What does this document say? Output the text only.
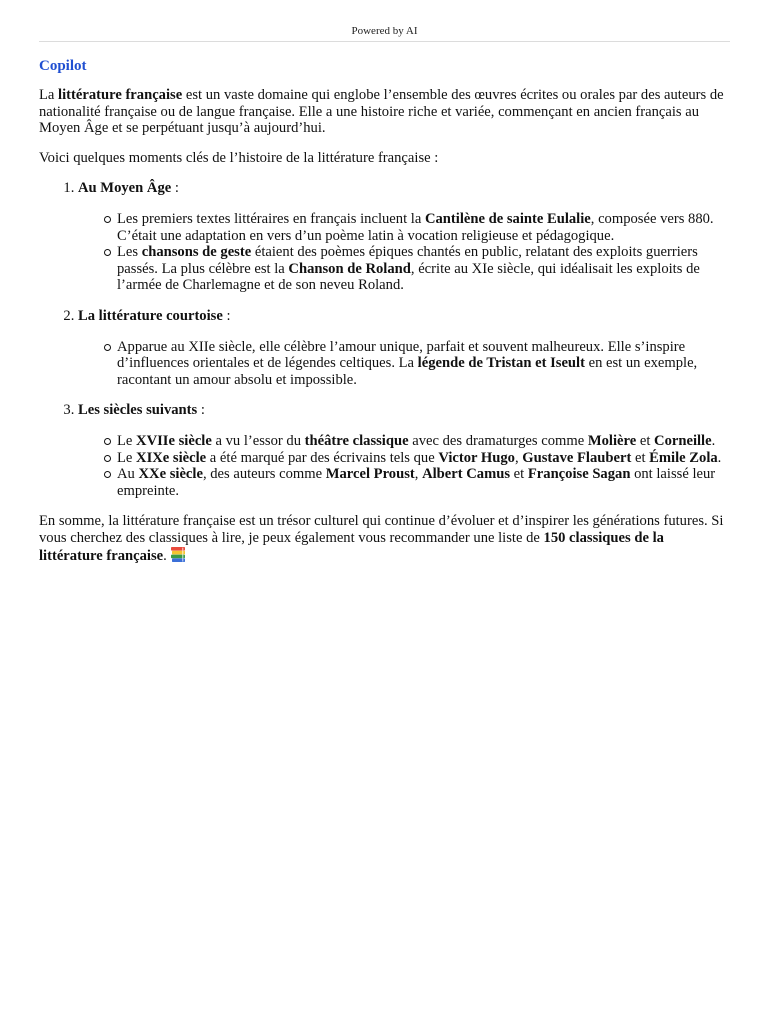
Powered by AI
Copilot

La littérature française est un vaste domaine qui englobe l’ensemble des œuvres écrites ou orales par des auteurs de nationalité française ou de langue française. Elle a une histoire riche et variée, commençant en ancien français au Moyen Âge et se perpétuant jusqu’à aujourd’hui.

Voici quelques moments clés de l’histoire de la littérature française :

1. Au Moyen Âge :
Les premiers textes littéraires en français incluent la Cantilène de sainte Eulalie, composée vers 880. C’était une adaptation en vers d’un poème latin à vocation religieuse et pédagogique.
Les chansons de geste étaient des poèmes épiques chantés en public, relatant des exploits guerriers passés. La plus célèbre est la Chanson de Roland, écrite au XIe siècle, qui idéalisait les exploits de l’armée de Charlemagne et de son neveu Roland.
2. La littérature courtoise :
Apparue au XIIe siècle, elle célèbre l’amour unique, parfait et souvent malheureux. Elle s’inspire d’influences orientales et de légendes celtiques. La légende de Tristan et Iseult en est un exemple, racontant un amour absolu et impossible.
3. Les siècles suivants :
Le XVIIe siècle a vu l’essor du théâtre classique avec des dramaturges comme Molière et Corneille.
Le XIXe siècle a été marqué par des écrivains tels que Victor Hugo, Gustave Flaubert et Émile Zola.
Au XXe siècle, des auteurs comme Marcel Proust, Albert Camus et Françoise Sagan ont laissé leur empreinte.

En somme, la littérature française est un trésor culturel qui continue d’évoluer et d’inspirer les générations futures. Si vous cherchez des classiques à lire, je peux également vous recommander une liste de 150 classiques de la littérature française.
